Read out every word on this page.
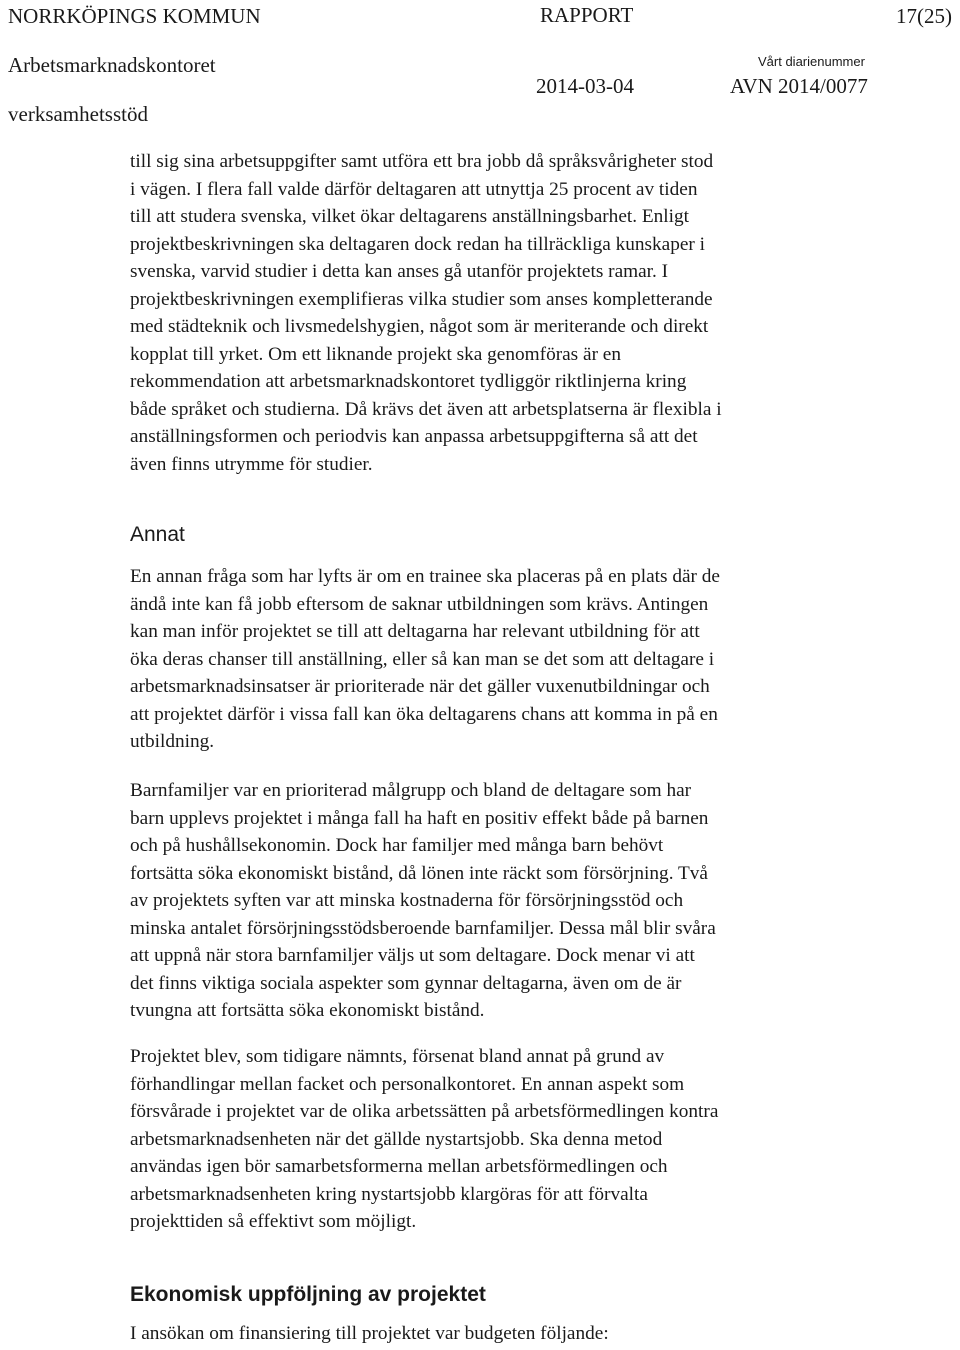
NORRKÖPINGS KOMMUN	RAPPORT	17(25)
Arbetsmarknadskontoret	Vårt diarienummer
2014-03-04	AVN 2014/0077
verksamhetsstöd
till sig sina arbetsuppgifter samt utföra ett bra jobb då språksvårigheter stod
i vägen. I flera fall valde därför deltagaren att utnyttja 25 procent av tiden
till att studera svenska, vilket ökar deltagarens anställningsbarhet. Enligt
projektbeskrivningen ska deltagaren dock redan ha tillräckliga kunskaper i
svenska, varvid studier i detta kan anses gå utanför projektets ramar. I
projektbeskrivningen exemplifieras vilka studier som anses kompletterande
med städteknik och livsmedelshygien, något som är meriterande och direkt
kopplat till yrket. Om ett liknande projekt ska genomföras är en
rekommendation att arbetsmarknadskontoret tydliggör riktlinjerna kring
både språket och studierna. Då krävs det även att arbetsplatserna är flexibla i
anställningsformen och periodvis kan anpassa arbetsuppgifterna så att det
även finns utrymme för studier.
Annat
En annan fråga som har lyfts är om en trainee ska placeras på en plats där de
ändå inte kan få jobb eftersom de saknar utbildningen som krävs. Antingen
kan man inför projektet se till att deltagarna har relevant utbildning för att
öka deras chanser till anställning, eller så kan man se det som att deltagare i
arbetsmarknadsinsatser är prioriterade när det gäller vuxenutbildningar och
att projektet därför i vissa fall kan öka deltagarens chans att komma in på en
utbildning.
Barnfamiljer var en prioriterad målgrupp och bland de deltagare som har
barn upplevs projektet i många fall ha haft en positiv effekt både på barnen
och på hushållsekonomin. Dock har familjer med många barn behövt
fortsätta söka ekonomiskt bistånd, då lönen inte räckt som försörjning. Två
av projektets syften var att minska kostnaderna för försörjningsstöd och
minska antalet försörjningsstödsberoende barnfamiljer. Dessa mål blir svåra
att uppnå när stora barnfamiljer väljs ut som deltagare. Dock menar vi att
det finns viktiga sociala aspekter som gynnar deltagarna, även om de är
tvungna att fortsätta söka ekonomiskt bistånd.
Projektet blev, som tidigare nämnts, försenat bland annat på grund av
förhandlingar mellan facket och personalkontoret. En annan aspekt som
försvårade i projektet var de olika arbetssätten på arbetsförmedlingen kontra
arbetsmarknadsenheten när det gällde nystartsjobb. Ska denna metod
användas igen bör samarbetsformerna mellan arbetsförmedlingen och
arbetsmarknadsenheten kring nystartsjobb klargöras för att förvalta
projekttiden så effektivt som möjligt.
Ekonomisk uppföljning av projektet
I ansökan om finansiering till projektet var budgeten följande:
